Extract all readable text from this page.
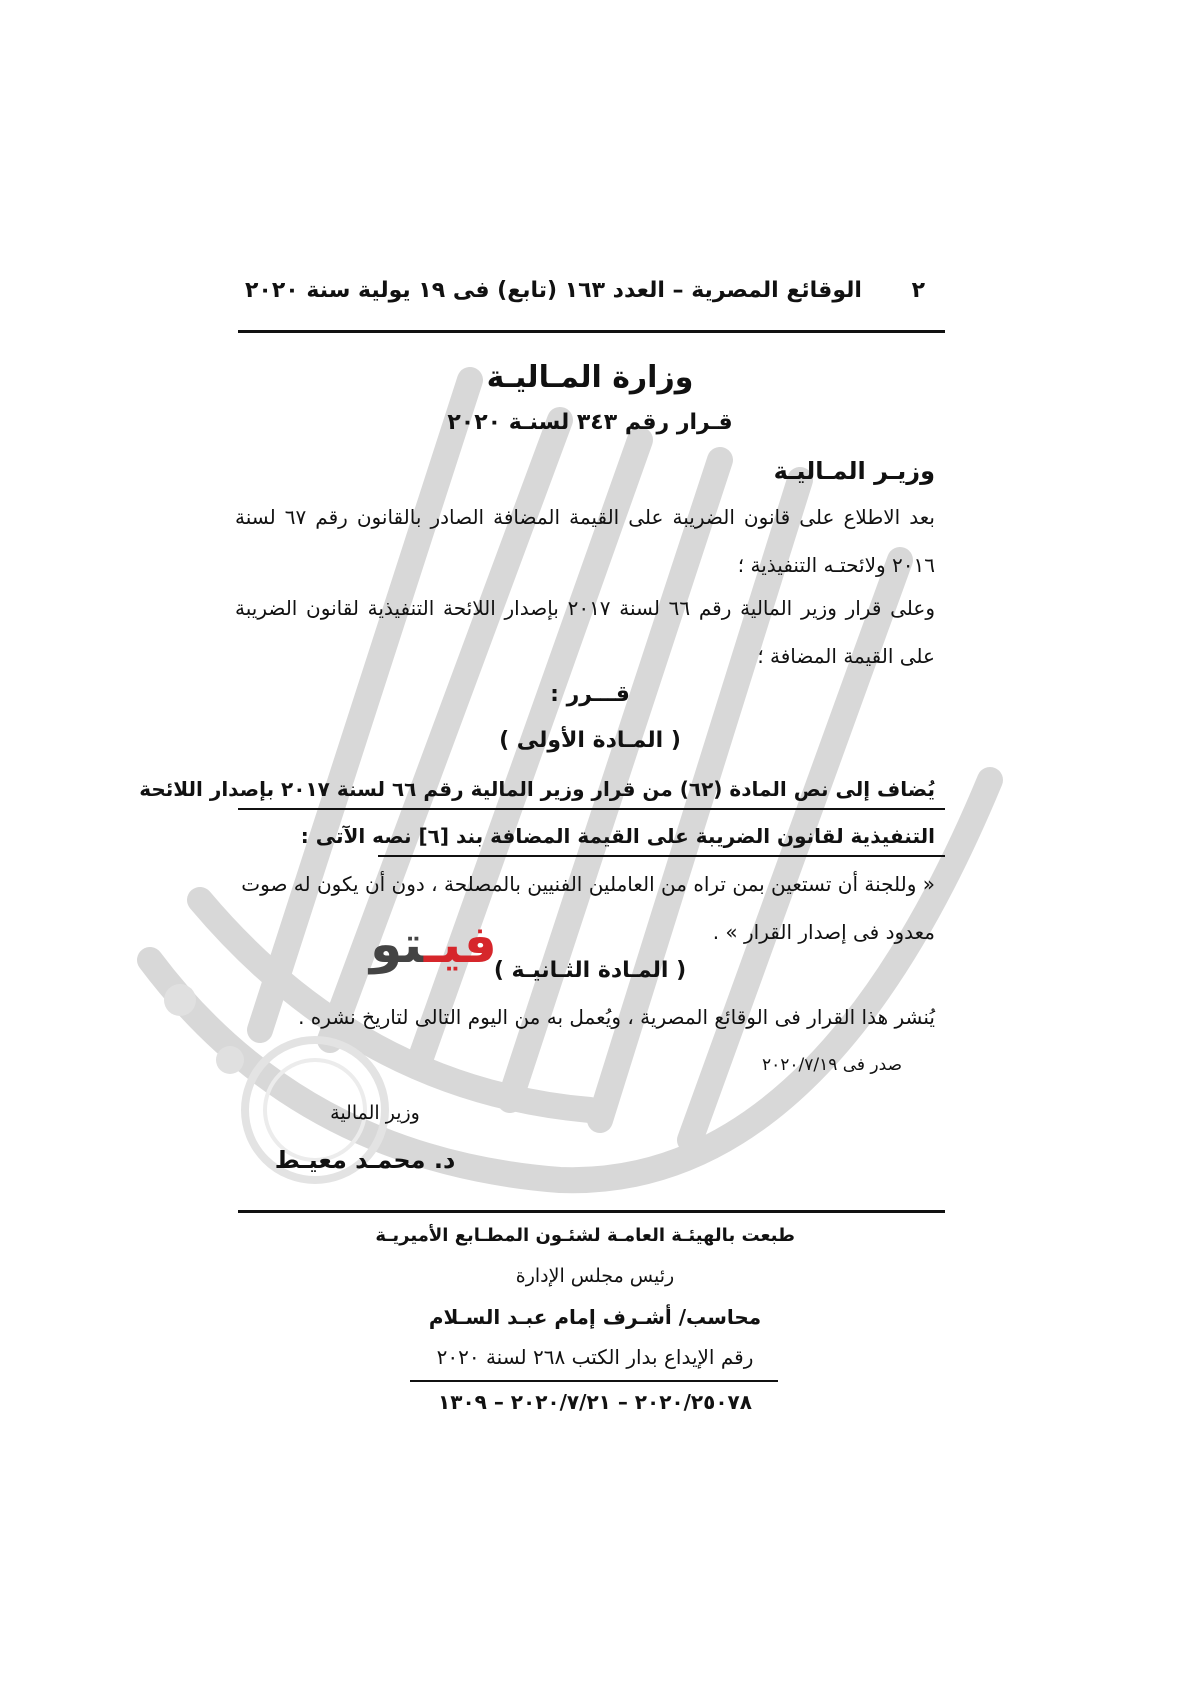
٢
الوقائع المصرية – العدد ١٦٣ (تابع) فى ١٩ يولية سنة ٢٠٢٠
وزارة المـاليـة
قـرار رقم ٣٤٣ لسنـة ٢٠٢٠
وزيـر المـاليـة
بعد الاطلاع على قانون الضريبة على القيمة المضافة الصادر بالقانون رقم ٦٧ لسنة ٢٠١٦ ولائحتـه التنفيذية ؛
وعلى قرار وزير المالية رقم ٦٦ لسنة ٢٠١٧ بإصدار اللائحة التنفيذية لقانون الضريبة على القيمة المضافة ؛
قـــرر :
( المـادة الأولى )
يُضاف إلى نص المادة (٦٢) من قرار وزير المالية رقم ٦٦ لسنة ٢٠١٧ بإصدار اللائحة
التنفيذية لقانون الضريبة على القيمة المضافة بند [٦] نصه الآتى :
« وللجنة أن تستعين بمن تراه من العاملين الفنيين بالمصلحة ، دون أن يكون له صوت
معدود فى إصدار القرار » .
فيـتو	( المـادة الثـانيـة )
يُنشر هذا القرار فى الوقائع المصرية ، ويُعمل به من اليوم التالى لتاريخ نشره .
صدر فى ٢٠٢٠/٧/١٩
وزير المالية
د. محمـد معيـط
طبعت بالهيئـة العامـة لشئـون المطـابع الأميريـة
رئيس مجلس الإدارة
محاسب/ أشـرف إمام عبـد السـلام
رقم الإيداع بدار الكتب ٢٦٨ لسنة ٢٠٢٠
٢٠٢٠/٢٥٠٧٨ – ٢٠٢٠/٧/٢١ – ١٣٠٩
